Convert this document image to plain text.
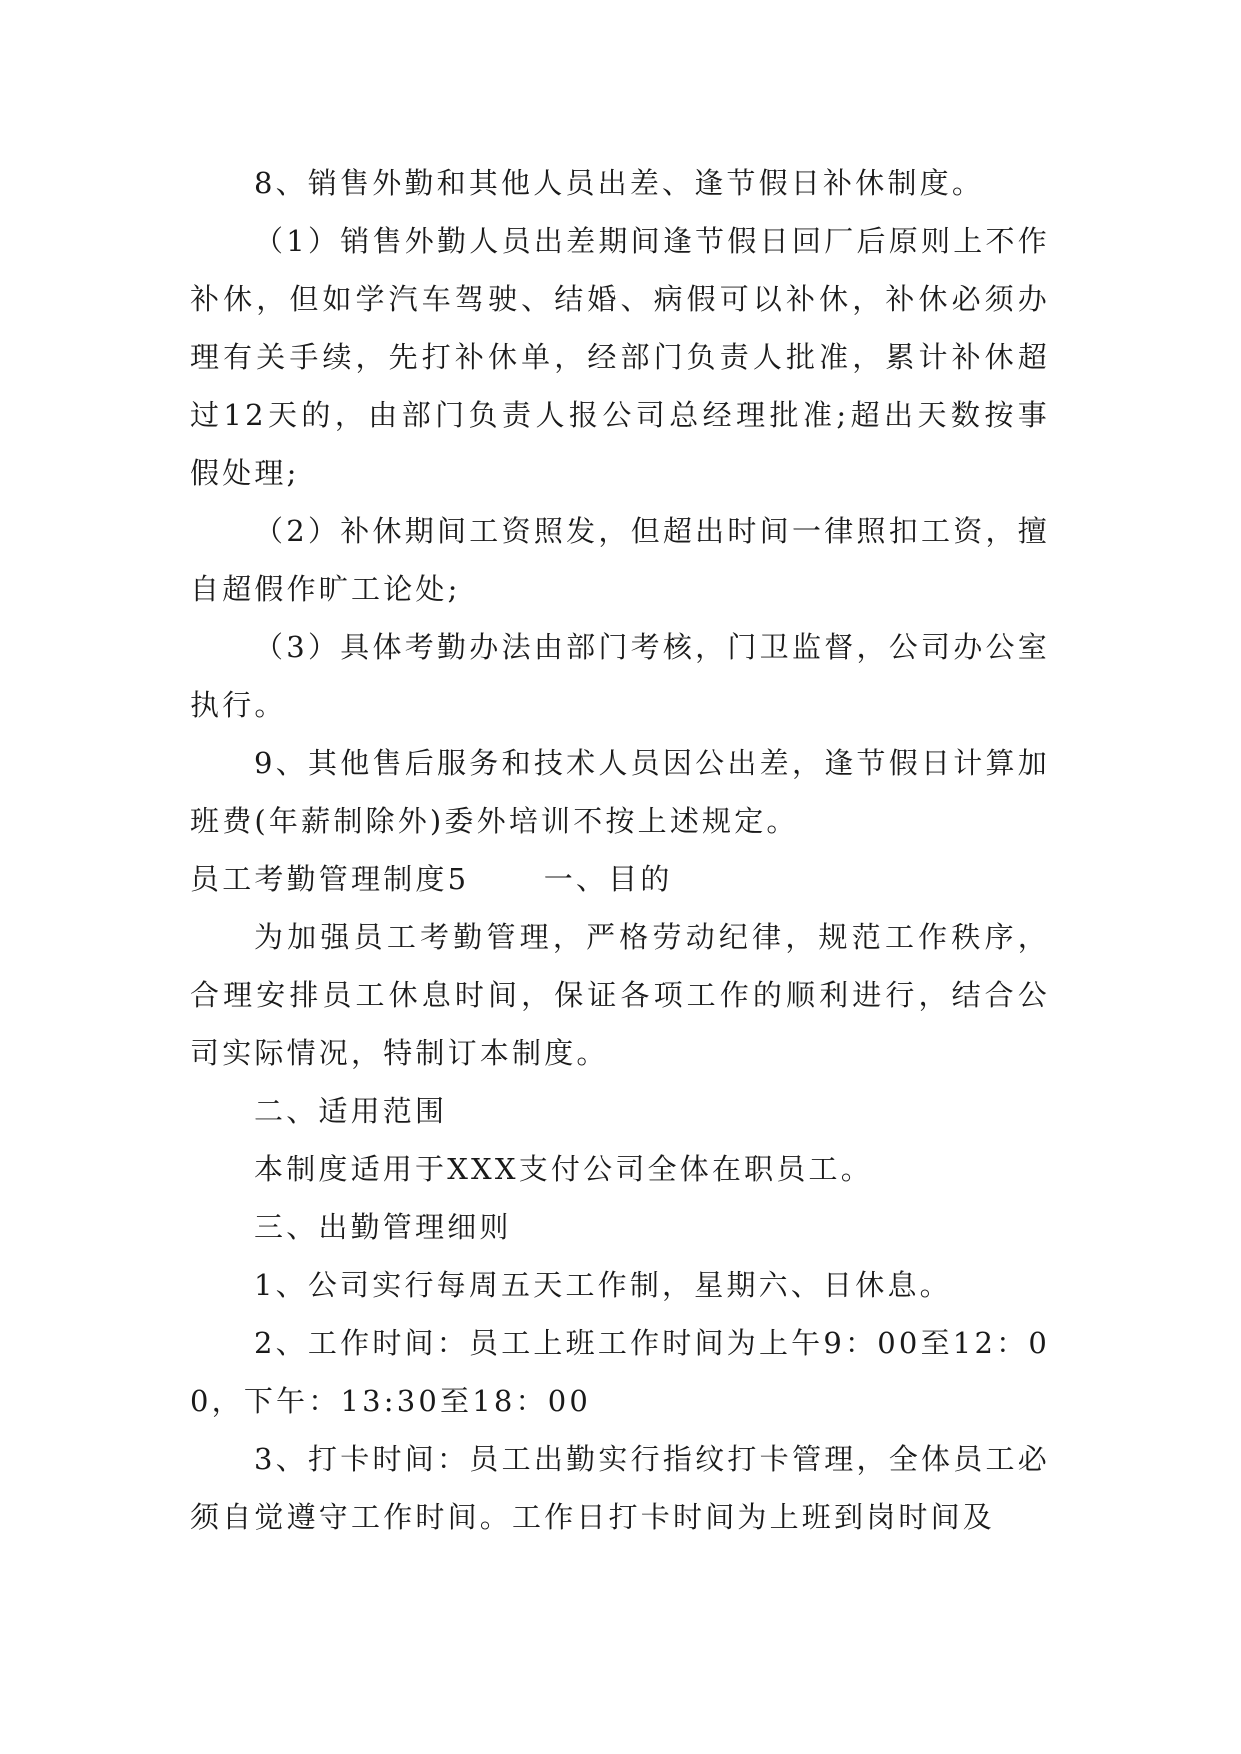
8、销售外勤和其他人员出差、逢节假日补休制度。

（1）销售外勤人员出差期间逢节假日回厂后原则上不作补休，但如学汽车驾驶、结婚、病假可以补休，补休必须办理有关手续，先打补休单，经部门负责人批准，累计补休超过12天的，由部门负责人报公司总经理批准;超出天数按事假处理;

（2）补休期间工资照发，但超出时间一律照扣工资，擅自超假作旷工论处;

（3）具体考勤办法由部门考核，门卫监督，公司办公室执行。

9、其他售后服务和技术人员因公出差，逢节假日计算加班费(年薪制除外)委外培训不按上述规定。

员工考勤管理制度5      一、目的

为加强员工考勤管理，严格劳动纪律，规范工作秩序，合理安排员工休息时间，保证各项工作的顺利进行，结合公司实际情况，特制订本制度。

二、适用范围

本制度适用于XXX支付公司全体在职员工。

三、出勤管理细则

1、公司实行每周五天工作制，星期六、日休息。

2、工作时间：员工上班工作时间为上午9：00至12：00，下午：13:30至18：00

3、打卡时间：员工出勤实行指纹打卡管理，全体员工必须自觉遵守工作时间。工作日打卡时间为上班到岗时间及
